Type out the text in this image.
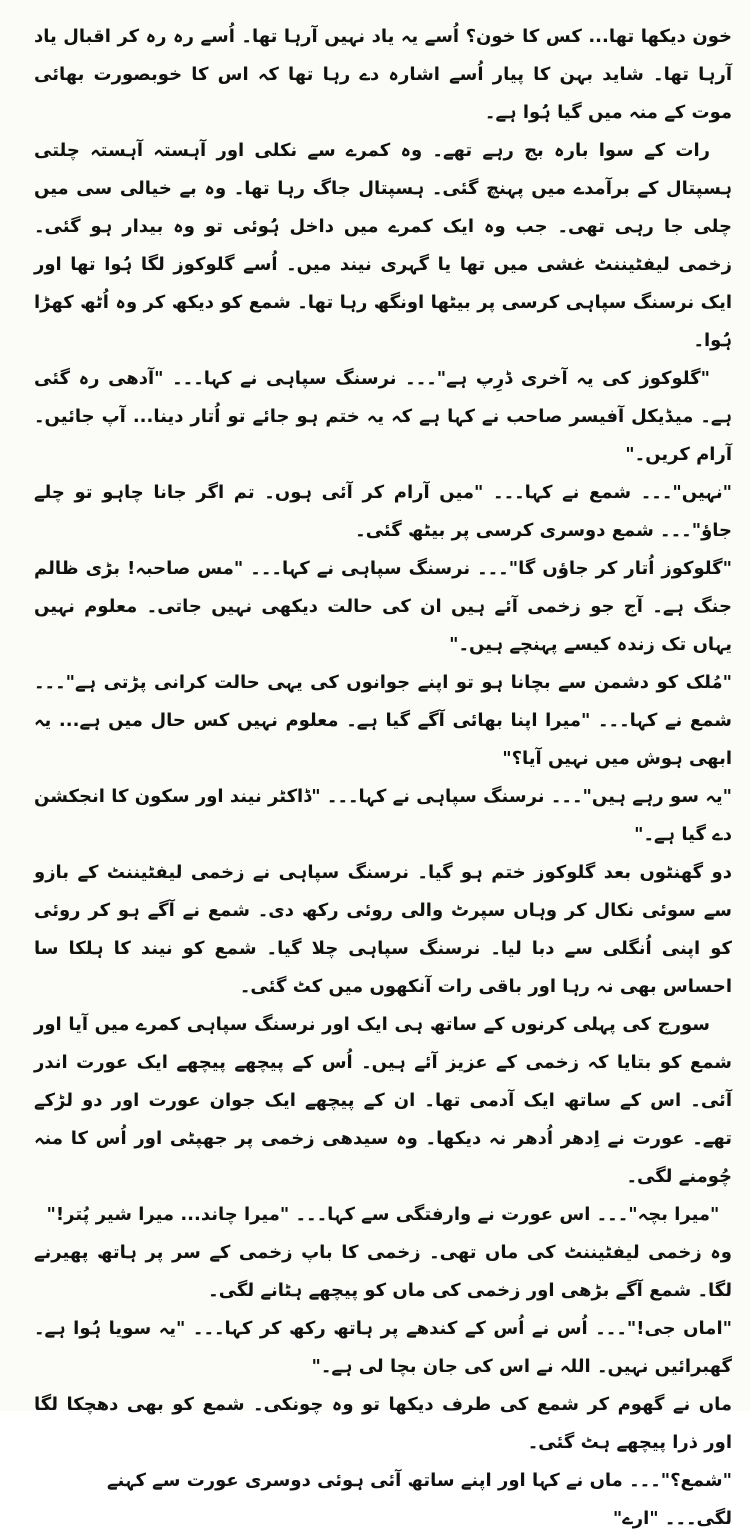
خون دیکھا تھا... کس کا خون؟ اُسے یہ یاد نہیں آرہا تھا۔ اُسے رہ رہ کر اقبال یاد آرہا تھا۔ شاید بہن کا پیار اُسے اشارہ دے رہا تھا کہ اس کا خوبصورت بھائی موت کے منہ میں گیا ہُوا ہے۔

رات کے سوا بارہ بج رہے تھے۔ وہ کمرے سے نکلی اور آہستہ آہستہ چلتی ہسپتال کے برآمدے میں پہنچ گئی۔ ہسپتال جاگ رہا تھا۔ وہ بے خیالی سی میں چلی جا رہی تھی۔ جب وہ ایک کمرے میں داخل ہُوئی تو وہ بیدار ہو گئی۔ زخمی لیفٹیننٹ غشی میں تھا یا گہری نیند میں۔ اُسے گلوکوز لگا ہُوا تھا اور ایک نرسنگ سپاہی کرسی پر بیٹھا اونگھ رہا تھا۔ شمع کو دیکھ کر وہ اُٹھ کھڑا ہُوا۔

"گلوکوز کی یہ آخری ڈرِپ ہے"۔۔۔ نرسنگ سپاہی نے کہا۔۔۔ "آدھی رہ گئی ہے۔ میڈیکل آفیسر صاحب نے کہا ہے کہ یہ ختم ہو جائے تو اُتار دینا... آپ جائیں۔ آرام کریں۔"

"نہیں"۔۔۔ شمع نے کہا۔۔۔ "میں آرام کر آئی ہوں۔ تم اگر جانا چاہو تو چلے جاؤ"۔۔۔ شمع دوسری کرسی پر بیٹھ گئی۔

"گلوکوز اُتار کر جاؤں گا"۔۔۔ نرسنگ سپاہی نے کہا۔۔۔ "مس صاحبہ! بڑی ظالم جنگ ہے۔ آج جو زخمی آئے ہیں ان کی حالت دیکھی نہیں جاتی۔ معلوم نہیں یہاں تک زندہ کیسے پہنچے ہیں۔"

"مُلک کو دشمن سے بچانا ہو تو اپنے جوانوں کی یہی حالت کرانی پڑتی ہے"۔۔۔ شمع نے کہا۔۔۔ "میرا اپنا بھائی آگے گیا ہے۔ معلوم نہیں کس حال میں ہے... یہ ابھی ہوش میں نہیں آیا؟"

"یہ سو رہے ہیں"۔۔۔ نرسنگ سپاہی نے کہا۔۔۔ "ڈاکٹر نیند اور سکون کا انجکشن دے گیا ہے۔"

دو گھنٹوں بعد گلوکوز ختم ہو گیا۔ نرسنگ سپاہی نے زخمی لیفٹیننٹ کے بازو سے سوئی نکال کر وہاں سپرٹ والی روئی رکھ دی۔ شمع نے آگے ہو کر روئی کو اپنی اُنگلی سے دبا لیا۔ نرسنگ سپاہی چلا گیا۔ شمع کو نیند کا ہلکا سا احساس بھی نہ رہا اور باقی رات آنکھوں میں کٹ گئی۔

سورج کی پہلی کرنوں کے ساتھ ہی ایک اور نرسنگ سپاہی کمرے میں آیا اور شمع کو بتایا کہ زخمی کے عزیز آئے ہیں۔ اُس کے پیچھے پیچھے ایک عورت اندر آئی۔ اس کے ساتھ ایک آدمی تھا۔ ان کے پیچھے ایک جوان عورت اور دو لڑکے تھے۔ عورت نے اِدھر اُدھر نہ دیکھا۔ وہ سیدھی زخمی پر جھپٹی اور اُس کا منہ چُومنے لگی۔

"میرا بچہ"۔۔۔ اس عورت نے وارفتگی سے کہا۔۔۔ "میرا چاند... میرا شیر پُتر!"

وہ زخمی لیفٹیننٹ کی ماں تھی۔ زخمی کا باپ زخمی کے سر پر ہاتھ پھیرنے لگا۔ شمع آگے بڑھی اور زخمی کی ماں کو پیچھے ہٹانے لگی۔

"اماں جی!"۔۔۔ اُس نے اُس کے کندھے پر ہاتھ رکھ کر کہا۔۔۔ "یہ سویا ہُوا ہے۔ گھبرائیں نہیں۔ اللہ نے اس کی جان بچا لی ہے۔"

ماں نے گھوم کر شمع کی طرف دیکھا تو وہ چونکی۔ شمع کو بھی دھچکا لگا اور ذرا پیچھے ہٹ گئی۔

"شمع؟"۔۔۔ ماں نے کہا اور اپنے ساتھ آئی ہوئی دوسری عورت سے کہنے لگی۔۔۔ "ارے"
